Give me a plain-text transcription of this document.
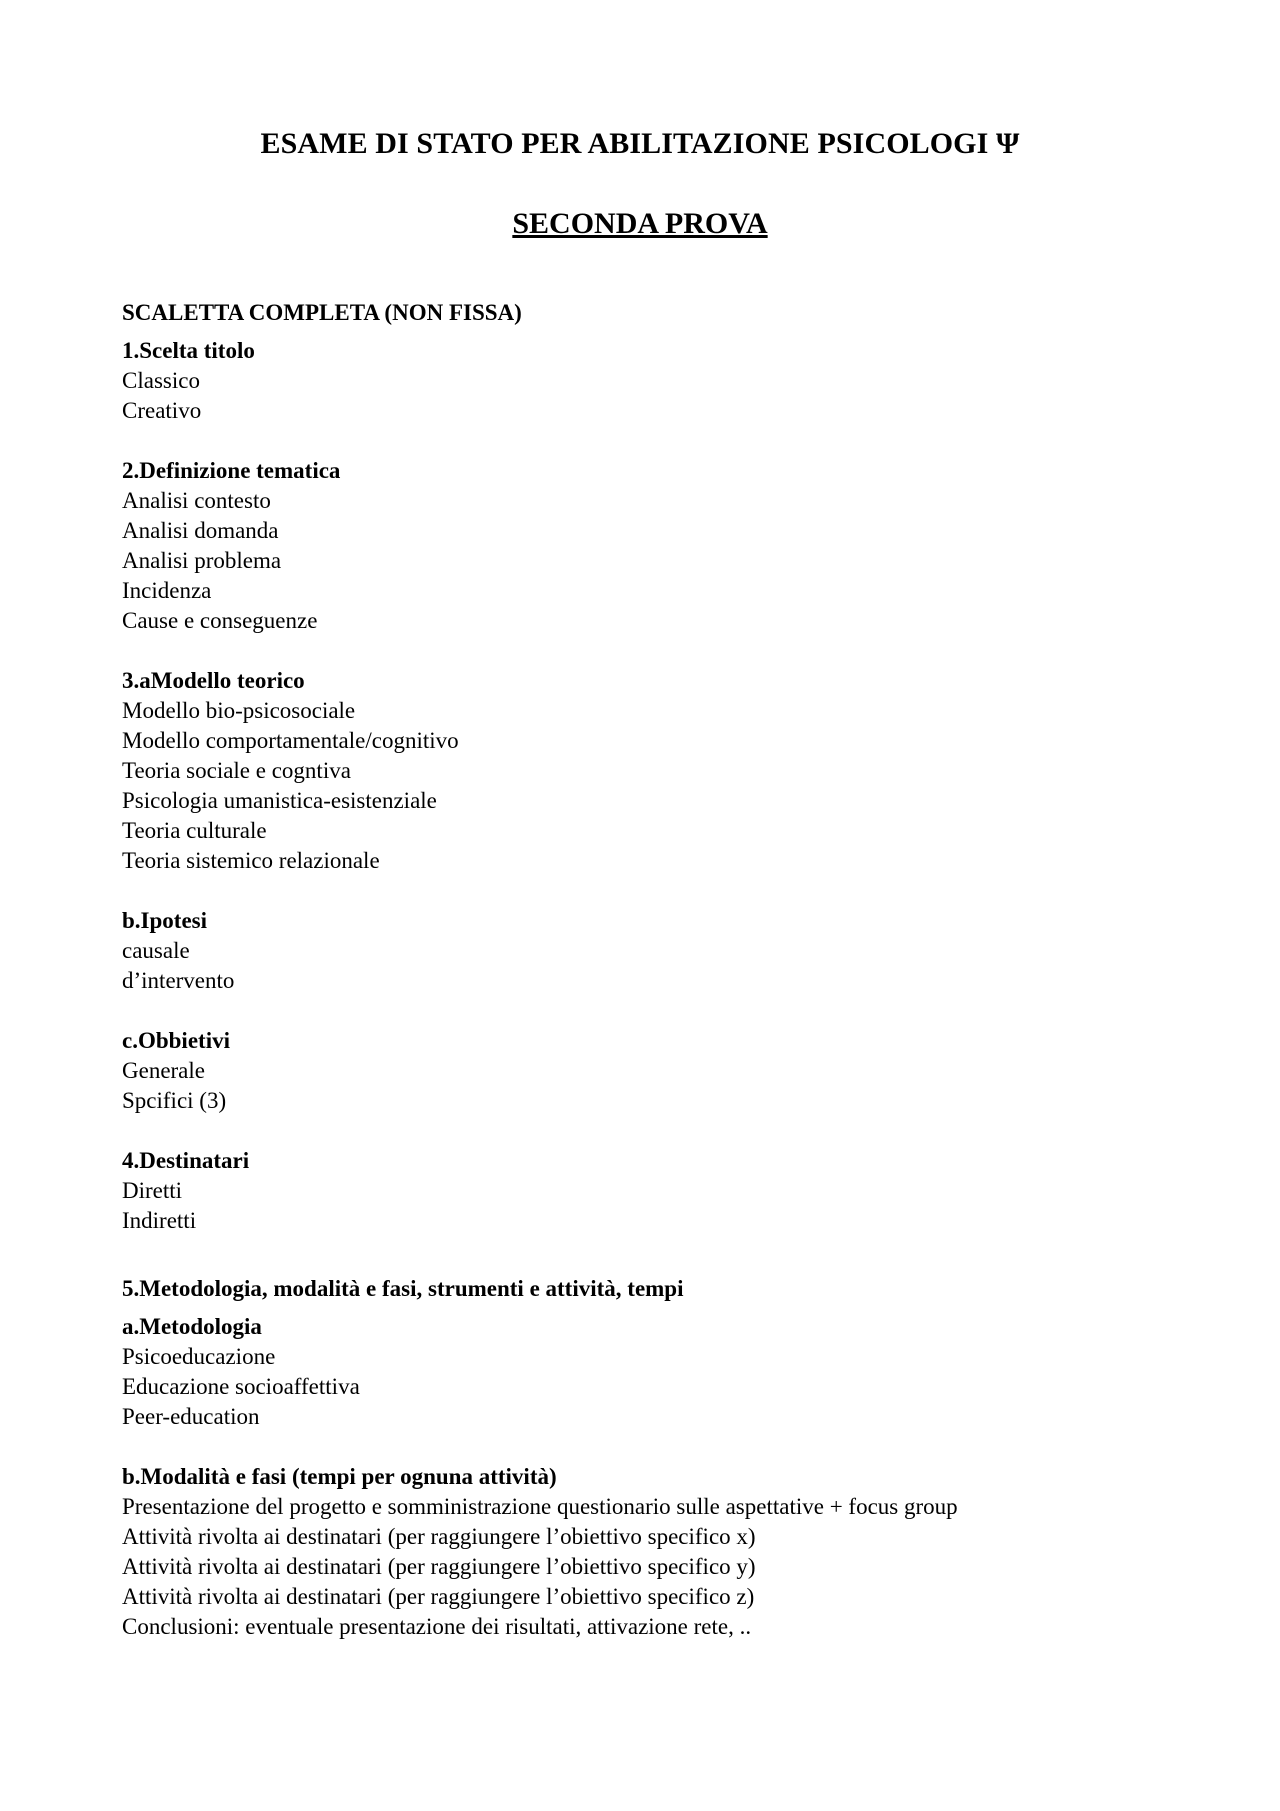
ESAME DI STATO PER ABILITAZIONE PSICOLOGI Ψ
SECONDA PROVA
SCALETTA COMPLETA (NON FISSA)
1.Scelta titolo
Classico
Creativo
2.Definizione tematica
Analisi contesto
Analisi domanda
Analisi problema
Incidenza
Cause e conseguenze
3.aModello teorico
Modello bio-psicosociale
Modello comportamentale/cognitivo
Teoria sociale e cogntiva
Psicologia umanistica-esistenziale
Teoria culturale
Teoria sistemico relazionale
b.Ipotesi
causale
d’intervento
c.Obbietivi
Generale
Spcifici (3)
4.Destinatari
Diretti
Indiretti
5.Metodologia, modalità e fasi, strumenti e attività, tempi
a.Metodologia
Psicoeducazione
Educazione socioaffettiva
Peer-education
b.Modalità e fasi (tempi per ognuna attività)
Presentazione del progetto e somministrazione questionario sulle aspettative + focus group
Attività rivolta ai destinatari (per raggiungere l’obiettivo specifico x)
Attività rivolta ai destinatari (per raggiungere l’obiettivo specifico y)
Attività rivolta ai destinatari (per raggiungere l’obiettivo specifico z)
Conclusioni: eventuale presentazione dei risultati, attivazione rete, ..
